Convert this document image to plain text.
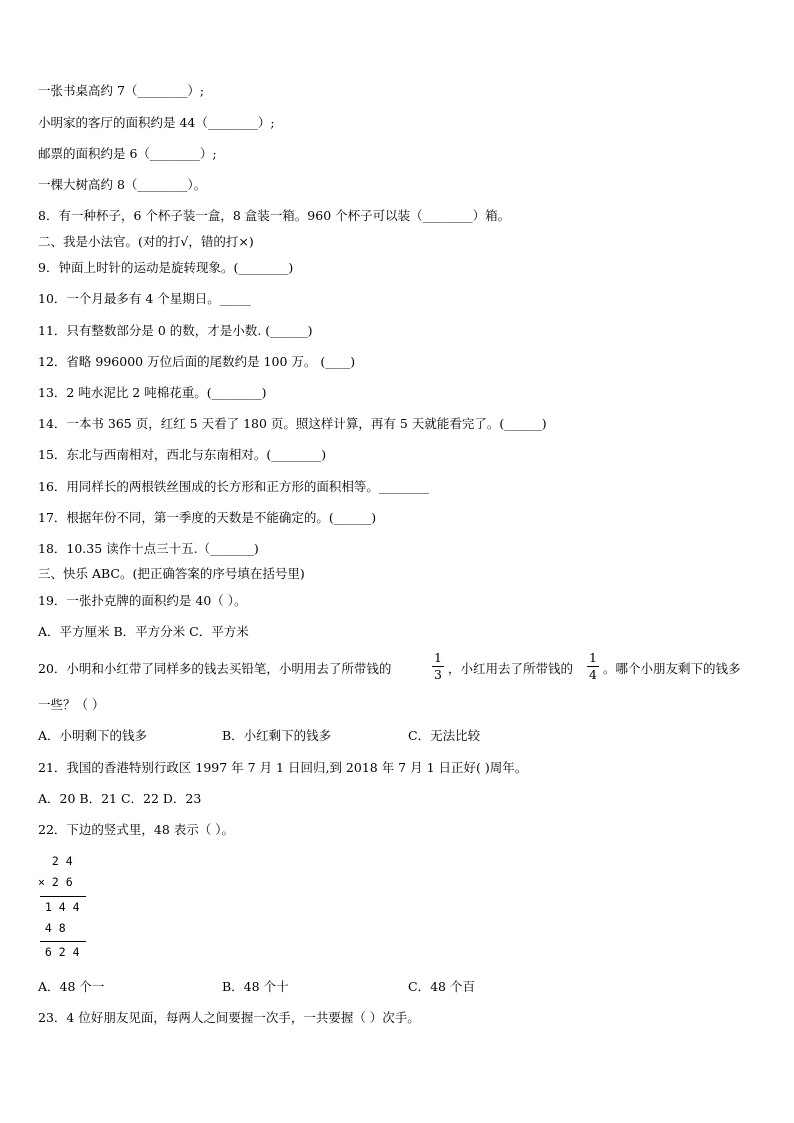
一张书桌高约 7（________）;
小明家的客厅的面积约是 44（________）;
邮票的面积约是 6（________）;
一棵大树高约 8（________）。
8．有一种杯子，6 个杯子装一盒，8 盒装一箱。960 个杯子可以装（________）箱。
二、我是小法官。(对的打√，错的打×)
9．钟面上时针的运动是旋转现象。(________)
10．一个月最多有 4 个星期日。_____
11．只有整数部分是 0 的数，才是小数. (______)
12．省略 996000 万位后面的尾数约是 100 万。 (____)
13．2 吨水泥比 2 吨棉花重。(________)
14．一本书 365 页，红红 5 天看了 180 页。照这样计算，再有 5 天就能看完了。(______)
15．东北与西南相对，西北与东南相对。(________)
16．用同样长的两根铁丝围成的长方形和正方形的面积相等。________
17．根据年份不同，第一季度的天数是不能确定的。(______)
18．10.35 读作十点三十五.（_______)
三、快乐 ABC。(把正确答案的序号填在括号里)
19．一张扑克牌的面积约是 40（ ）。
A．平方厘米 B．平方分米 C．平方米
20．小明和小红带了同样多的钱去买铅笔，小明用去了所带钱的
1
3 ，小红用去了所带钱的
1
4 。哪个小朋友剩下的钱多
一些？（ ）
A．小明剩下的钱多	B．小红剩下的钱多	C．无法比较
21．我国的香港特别行政区 1997 年 7 月 1 日回归,到 2018 年 7 月 1 日正好( )周年。
A．20 B．21 C．22 D．23
22．下边的竖式里，48 表示（ ）。
2 4
× 2 6
1 4 4
4 8
6 2 4
A．48 个一	B．48 个十	C．48 个百
23．4 位好朋友见面，每两人之间要握一次手，一共要握（ ）次手。
